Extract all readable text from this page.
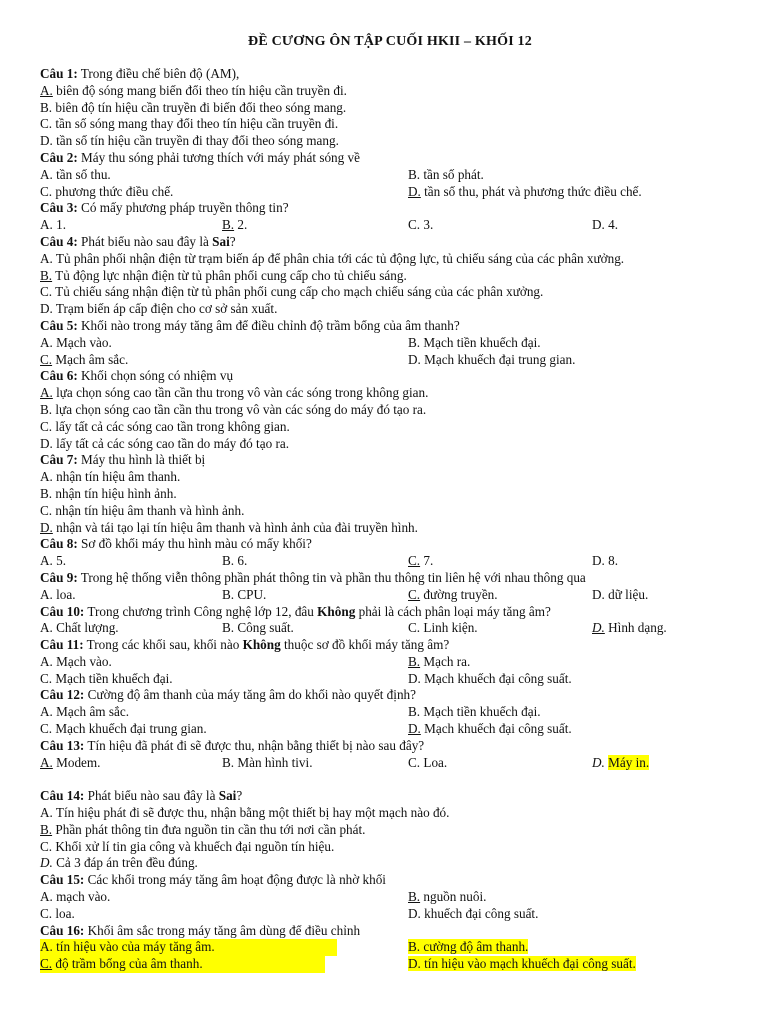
ĐỀ CƯƠNG ÔN TẬP CUỐI HKII – KHỐI 12
Câu 1: Trong điều chế biên độ (AM),
A. biên độ sóng mang biến đổi theo tín hiệu cần truyền đi.
B. biên độ tín hiệu cần truyền đi biến đổi theo sóng mang.
C. tần số sóng mang thay đổi theo tín hiệu cần truyền đi.
D. tần số tín hiệu cần truyền đi thay đổi theo sóng mang.
Câu 2: Máy thu sóng phải tương thích với máy phát sóng về
A. tần số thu.	B. tần số phát.
C. phương thức điều chế.	D. tần số thu, phát và phương thức điều chế.
Câu 3: Có mấy phương pháp truyền thông tin?
A. 1.	B. 2.	C. 3.	D. 4.
Câu 4: Phát biểu nào sau đây là Sai?
A. Tủ phân phối nhận điện từ trạm biến áp để phân chia tới các tủ động lực, tủ chiếu sáng của các phân xưởng.
B. Tủ động lực nhận điện từ tủ phân phối cung cấp cho tủ chiếu sáng.
C. Tủ chiếu sáng nhận điện từ tủ phân phối cung cấp cho mạch chiếu sáng của các phân xưởng.
D. Trạm biến áp cấp điện cho cơ sở sản xuất.
Câu 5: Khối nào trong máy tăng âm để điều chỉnh độ trầm bổng của âm thanh?
A. Mạch vào.	B. Mạch tiền khuếch đại.
C. Mạch âm sắc.	D. Mạch khuếch đại trung gian.
Câu 6: Khối chọn sóng có nhiệm vụ
A. lựa chọn sóng cao tần cần thu trong vô vàn các sóng trong không gian.
B. lựa chọn sóng cao tần cần thu trong vô vàn các sóng do máy đó tạo ra.
C. lấy tất cả các sóng cao tần trong không gian.
D. lấy tất cả các sóng cao tần do máy đó tạo ra.
Câu 7: Máy thu hình là thiết bị
A. nhận tín hiệu âm thanh.
B. nhận tín hiệu hình ảnh.
C. nhận tín hiệu âm thanh và hình ảnh.
D. nhận và tái tạo lại tín hiệu âm thanh và hình ảnh của đài truyền hình.
Câu 8: Sơ đồ khối máy thu hình màu có mấy khối?
A. 5.	B. 6.	C. 7.	D. 8.
Câu 9: Trong hệ thống viễn thông phần phát thông tin và phần thu thông tin liên hệ với nhau thông qua
A. loa.	B. CPU.	C. đường truyền.	D. dữ liệu.
Câu 10: Trong chương trình Công nghệ lớp 12, đâu Không phải là cách phân loại máy tăng âm?
A. Chất lượng.	B. Công suất.	C. Linh kiện.	D. Hình dạng.
Câu 11: Trong các khối sau, khối nào Không thuộc sơ đồ khối máy tăng âm?
A. Mạch vào.	B. Mạch ra.
C. Mạch tiền khuếch đại.	D. Mạch khuếch đại công suất.
Câu 12: Cường độ âm thanh của máy tăng âm do khối nào quyết định?
A. Mạch âm sắc.	B. Mạch tiền khuếch đại.
C. Mạch khuếch đại trung gian.	D. Mạch khuếch đại công suất.
Câu 13: Tín hiệu đã phát đi sẽ được thu, nhận bằng thiết bị nào sau đây?
A. Modem.	B. Màn hình tivi.	C. Loa.	D. Máy in.
Câu 14: Phát biểu nào sau đây là Sai?
A. Tín hiệu phát đi sẽ được thu, nhận bằng một thiết bị hay một mạch nào đó.
B. Phần phát thông tin đưa nguồn tin cần thu tới nơi cần phát.
C. Khối xử lí tin gia công và khuếch đại nguồn tín hiệu.
D. Cả 3 đáp án trên đều đúng.
Câu 15: Các khối trong máy tăng âm hoạt động được là nhờ khối
A. mạch vào.	B. nguồn nuôi.
C. loa.	D. khuếch đại công suất.
Câu 16: Khối âm sắc trong máy tăng âm dùng để điều chỉnh
A. tín hiệu vào của máy tăng âm.	B. cường độ âm thanh.
C. độ trầm bổng của âm thanh.	D. tín hiệu vào mạch khuếch đại công suất.
